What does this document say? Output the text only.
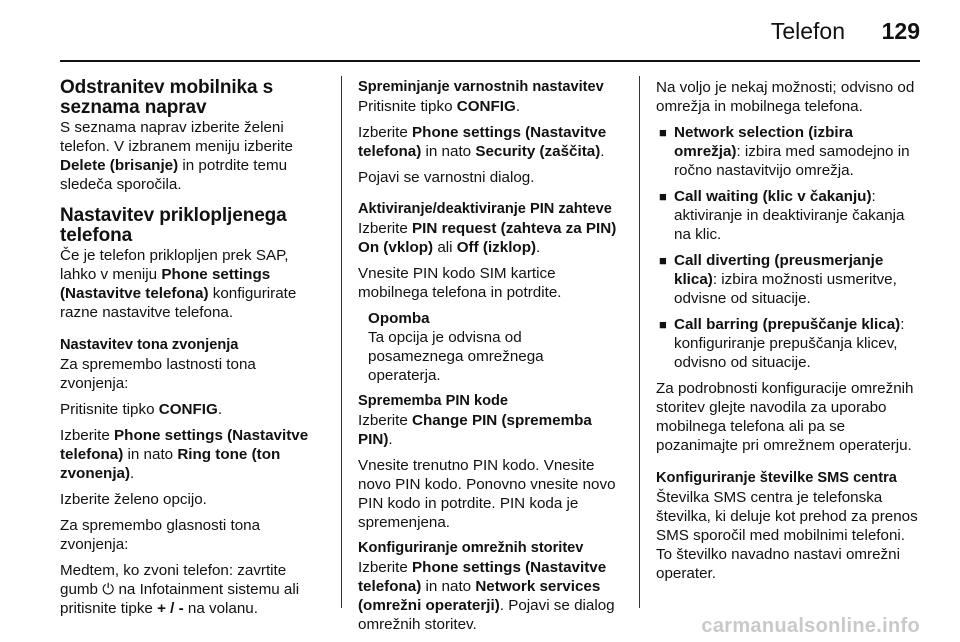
Telefon 129
Odstranitev mobilnika s seznama naprav

S seznama naprav izberite želeni telefon. V izbranem meniju izberite Delete (brisanje) in potrdite temu sledeča sporočila.

Nastavitev priklopljenega telefona

Če je telefon priklopljen prek SAP, lahko v meniju Phone settings (Nastavitve telefona) konfigurirate razne nastavitve telefona.

Nastavitev tona zvonjenja

Za spremembo lastnosti tona zvonjenja:

Pritisnite tipko CONFIG.

Izberite Phone settings (Nastavitve telefona) in nato Ring tone (ton zvonenja).

Izberite želeno opcijo.

Za spremembo glasnosti tona zvonjenja:

Medtem, ko zvoni telefon: zavrtite gumb ⏻ na Infotainment sistemu ali pritisnite tipke + / - na volanu.

Spreminjanje varnostnih nastavitev

Pritisnite tipko CONFIG.

Izberite Phone settings (Nastavitve telefona) in nato Security (zaščita).

Pojavi se varnostni dialog.

Aktiviranje/deaktiviranje PIN zahteve

Izberite PIN request (zahteva za PIN) On (vklop) ali Off (izklop).

Vnesite PIN kodo SIM kartice mobilnega telefona in potrdite.

Opomba
Ta opcija je odvisna od posameznega omrežnega operaterja.
Sprememba PIN kode

Izberite Change PIN (sprememba PIN).

Vnesite trenutno PIN kodo. Vnesite novo PIN kodo. Ponovno vnesite novo PIN kodo in potrdite. PIN koda je spremenjena.

Konfiguriranje omrežnih storitev

Izberite Phone settings (Nastavitve telefona) in nato Network services (omrežni operaterji). Pojavi se dialog omrežnih storitev.

Na voljo je nekaj možnosti; odvisno od omrežja in mobilnega telefona.

■ Network selection (izbira omrežja): izbira med samodejno in ročno nastavitvijo omrežja.
■ Call waiting (klic v čakanju): aktiviranje in deaktiviranje čakanja na klic.
■ Call diverting (preusmerjanje klica): izbira možnosti usmeritve, odvisne od situacije.
■ Call barring (prepuščanje klica): konfiguriranje prepuščanja klicev, odvisno od situacije.

Za podrobnosti konfiguracije omrežnih storitev glejte navodila za uporabo mobilnega telefona ali pa se pozanimajte pri omrežnem operaterju.

Konfiguriranje številke SMS centra

Številka SMS centra je telefonska številka, ki deluje kot prehod za prenos SMS sporočil med mobilnimi telefoni. To številko navadno nastavi omrežni operater.

carmanualsonline.info
